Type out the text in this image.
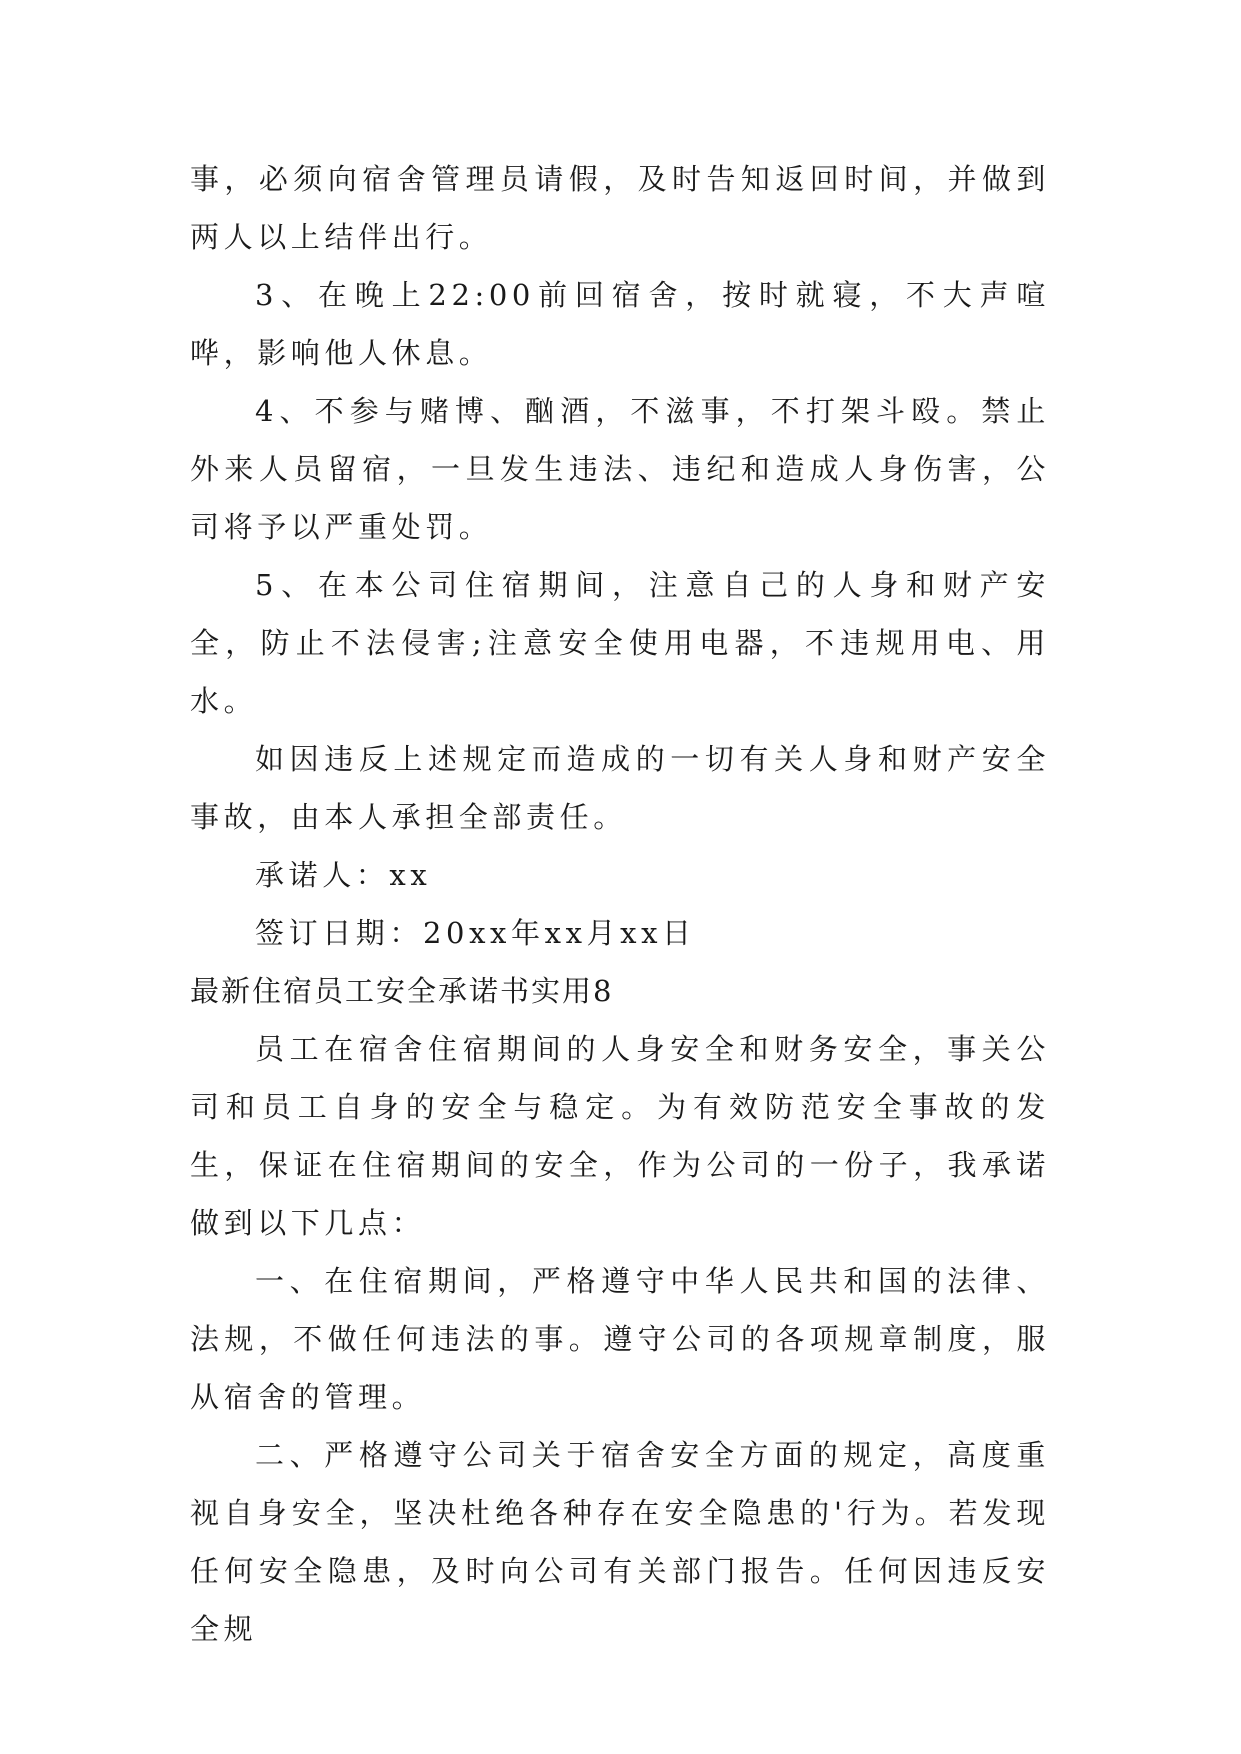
事，必须向宿舍管理员请假，及时告知返回时间，并做到两人以上结伴出行。

3、在晚上22:00前回宿舍，按时就寝，不大声喧哗，影响他人休息。

4、不参与赌博、酗酒，不滋事，不打架斗殴。禁止外来人员留宿，一旦发生违法、违纪和造成人身伤害，公司将予以严重处罚。

5、在本公司住宿期间，注意自己的人身和财产安全，防止不法侵害;注意安全使用电器，不违规用电、用水。

如因违反上述规定而造成的一切有关人身和财产安全事故，由本人承担全部责任。

承诺人：xx

签订日期：20xx年xx月xx日

最新住宿员工安全承诺书实用8

员工在宿舍住宿期间的人身安全和财务安全，事关公司和员工自身的安全与稳定。为有效防范安全事故的发生，保证在住宿期间的安全，作为公司的一份子，我承诺做到以下几点：

一、在住宿期间，严格遵守中华人民共和国的法律、法规，不做任何违法的事。遵守公司的各项规章制度，服从宿舍的管理。

二、严格遵守公司关于宿舍安全方面的规定，高度重视自身安全，坚决杜绝各种存在安全隐患的'行为。若发现任何安全隐患，及时向公司有关部门报告。任何因违反安全规
